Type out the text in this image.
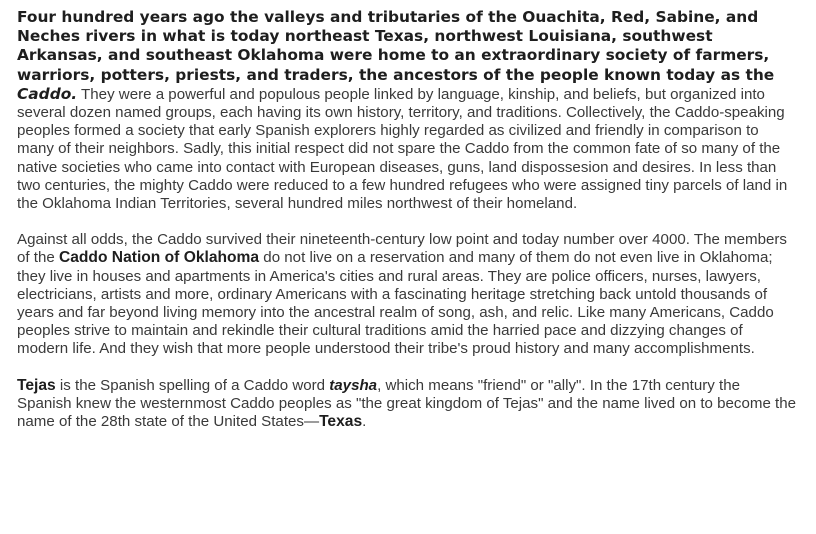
Four hundred years ago the valleys and tributaries of the Ouachita, Red, Sabine, and Neches rivers in what is today northeast Texas, northwest Louisiana, southwest Arkansas, and southeast Oklahoma were home to an extraordinary society of farmers, warriors, potters, priests, and traders, the ancestors of the people known today as the Caddo. They were a powerful and populous people linked by language, kinship, and beliefs, but organized into several dozen named groups, each having its own history, territory, and traditions. Collectively, the Caddo-speaking peoples formed a society that early Spanish explorers highly regarded as civilized and friendly in comparison to many of their neighbors. Sadly, this initial respect did not spare the Caddo from the common fate of so many of the native societies who came into contact with European diseases, guns, land dispossesion and desires. In less than two centuries, the mighty Caddo were reduced to a few hundred refugees who were assigned tiny parcels of land in the Oklahoma Indian Territories, several hundred miles northwest of their homeland.

Against all odds, the Caddo survived their nineteenth-century low point and today number over 4000. The members of the Caddo Nation of Oklahoma do not live on a reservation and many of them do not even live in Oklahoma; they live in houses and apartments in America's cities and rural areas. They are police officers, nurses, lawyers, electricians, artists and more, ordinary Americans with a fascinating heritage stretching back untold thousands of years and far beyond living memory into the ancestral realm of song, ash, and relic. Like many Americans, Caddo peoples strive to maintain and rekindle their cultural traditions amid the harried pace and dizzying changes of modern life. And they wish that more people understood their tribe's proud history and many accomplishments.

Tejas is the Spanish spelling of a Caddo word taysha, which means "friend" or "ally". In the 17th century the Spanish knew the westernmost Caddo peoples as "the great kingdom of Tejas" and the name lived on to become the name of the 28th state of the United States—Texas.
